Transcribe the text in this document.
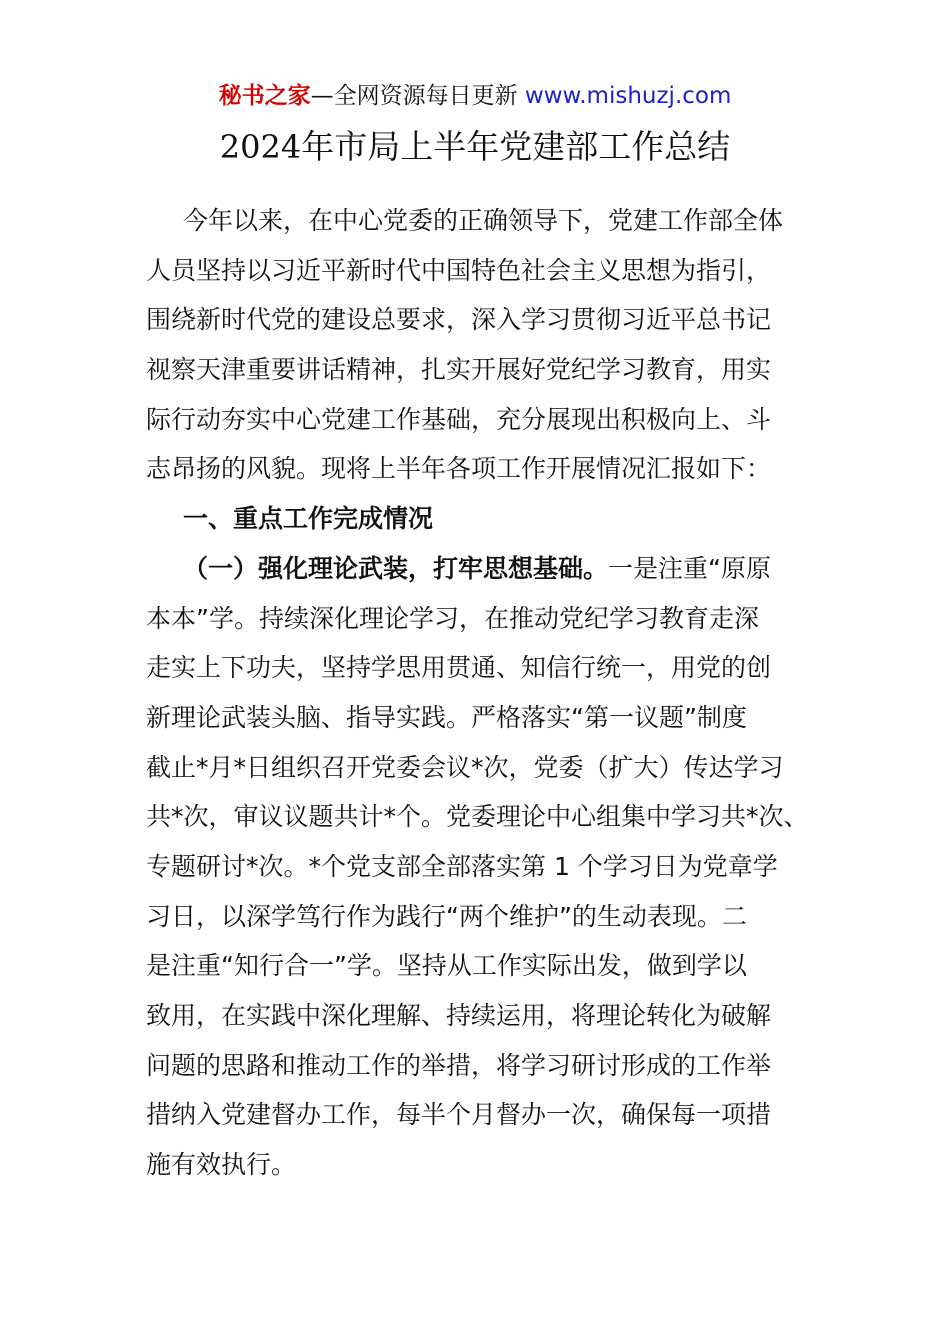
秘书之家—全网资源每日更新 www.mishuzj.com
2024年市局上半年党建部工作总结
今年以来，在中心党委的正确领导下，党建工作部全体
人员坚持以习近平新时代中国特色社会主义思想为指引，
围绕新时代党的建设总要求，深入学习贯彻习近平总书记
视察天津重要讲话精神，扎实开展好党纪学习教育，用实
际行动夯实中心党建工作基础，充分展现出积极向上、斗
志昂扬的风貌。现将上半年各项工作开展情况汇报如下：
一、重点工作完成情况
（一）强化理论武装，打牢思想基础。一是注重“原原
本本”学。持续深化理论学习，在推动党纪学习教育走深
走实上下功夫，坚持学思用贯通、知信行统一，用党的创
新理论武装头脑、指导实践。严格落实“第一议题”制度
截止*月*日组织召开党委会议*次，党委（扩大）传达学习
共*次，审议议题共计*个。党委理论中心组集中学习共*次、
专题研讨*次。*个党支部全部落实第 1 个学习日为党章学
习日，以深学笃行作为践行“两个维护”的生动表现。二
是注重“知行合一”学。坚持从工作实际出发，做到学以
致用，在实践中深化理解、持续运用，将理论转化为破解
问题的思路和推动工作的举措，将学习研讨形成的工作举
措纳入党建督办工作，每半个月督办一次，确保每一项措
施有效执行。
